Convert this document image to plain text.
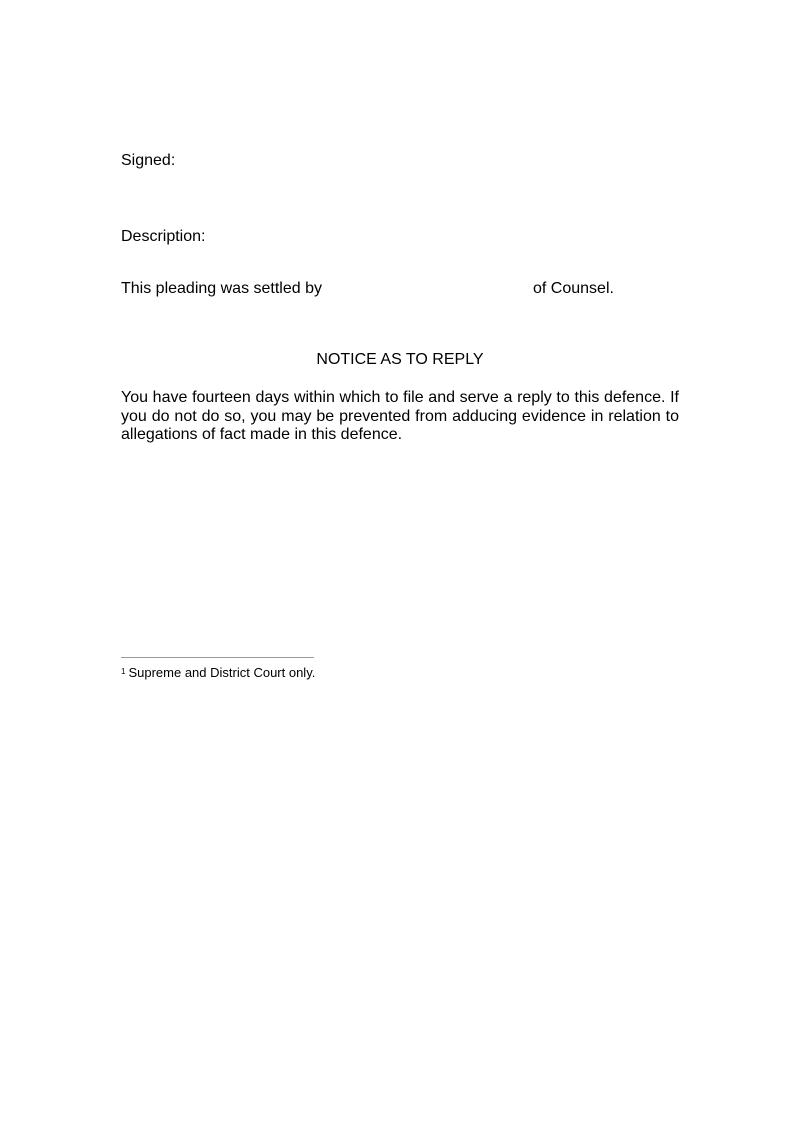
Signed:
Description:
This pleading was settled by	of Counsel.
NOTICE AS TO REPLY
You have fourteen days within which to file and serve a reply to this defence. If you do not do so, you may be prevented from adducing evidence in relation to allegations of fact made in this defence.
$^1$ Supreme and District Court only.
